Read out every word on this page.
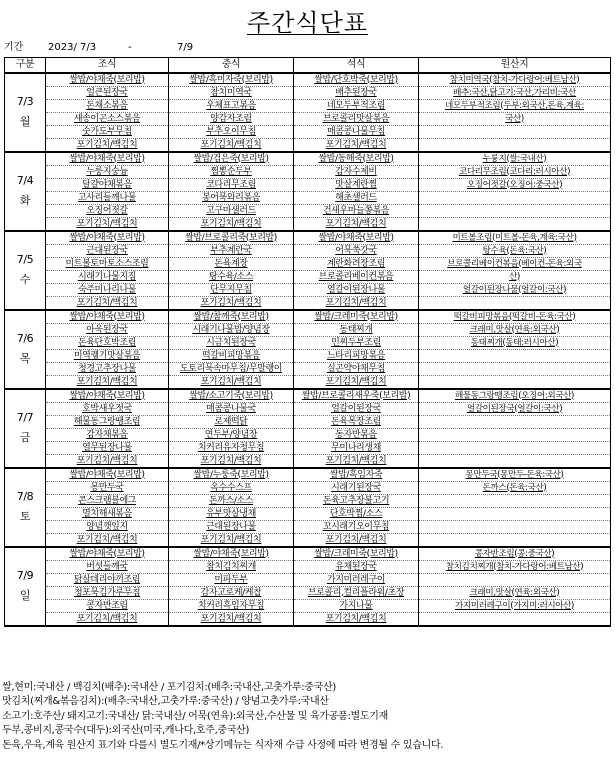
주간식단표
기간 2023/ 7/3	-	7/9
구분	조식	중식	석식	원산지

7/3
월	쌀밥/야채죽(보리밥)	쌀밥/흑미자죽(보리밥)	쌀밥/단호박죽(보리밥)	참치미역국(참치-가다랑어:베트남산)
	얼큰된장국	참치미역국	배추된장국	배추:국산,닭고기:국산,가리비:국산
	돈채소볶음	우체표고볶음	네모두부적조림	네모두부적조림(두부:외국산,돈육,계육:
	새송이곤소스볶음	양감자조림	브로콜리맛살볶음	국산)
	숫가도부무침	부추오이무침	매콤콩나물무침	
	포기김치/백김치	포기김치/백김치	포기김치/백김치	

7/4
화	쌀밥/야채죽(보리밥)	쌀밥/검은죽(보리밥)	쌀밥/동해죽(보리밥)	누룽지(쌀:국내산)
	누룽지숭늉	쩜뽕순두부	감자수제비	코다리무조림(코다리:러시아산)
	달걀야채볶음	코다리무조림	맛살계란찜	오징어젓갈(오징어:중국산)
	고사리들깨나물	봉어묵와리볶음	해초샐러드	
	오징어젓갈	고구마샐러드	건새우마늘쫑볶음	
	포기김치/백김치	포기김치/백김치	포기김치/백김치	

7/5
수	쌀밥/야채죽(보리밥)	쌀밥/브로콜리죽(보리밥)	쌀밥/야채죽(보리밥)	미트볼조림(미트볼-돈육,계육:국산)
	근대된장국	부추계란국	어묵쑥갓국	탕수육(돈육:국산)
	미트볼토마토소스조림	돈육계장	계란화려장조림	브로콜리베이컨볶음(베이컨-돈육:외국
	시래기나물지짐	탕수육/소스	브로콜리베이컨볶음	산)
	숙주미나리나물	단무지무침	열갈이된장나물	얼갈이된장나물(얼갈이:국산)
	포기김치/백김치	포기김치/백김치	포기김치/백김치	

7/6
목	쌀밥/야채죽(보리밥)	쌀밥/참깨죽(보리밥)	쌀밥/크레미죽(보리밥)	떡갈비피망볶음(떡갈비-돈육:국산)
	아욱된장국	시래기나물밥/양념장	동태찌개	크래미,맛살(연육:외국산)
	돈육단호박조림	시금치된장국	민찌두부조림	동태찌개(동태:러시아산)
	미역퀭기맛살볶음	떡갈비피망볶음	느타리피망볶음	
	청경고추장나물	도토리묵속마무침/무말랭이	실곤약야채무침	
	포기김치/백김치	포기김치/백김치	포기김치/백김치	

7/7
금	쌀밥/야채죽(보리밥)	쌀밥/소고기죽(보리밥)	쌀밥/브로콜리새우죽(보리밥)	해물동그랑땡조림(오징어:외국산)
	호박새우젓국	매콤콩나물국	얼갈이된장국	얼갈이된장국(얼갈이:국산)
	해물동그랑땡조림	로제떡닭	돈육목장조림	
	감자채볶음	연두부/양념장	동자반볶음	
	열무된장나물	치커리유자청무침	무미나리생채	
	포기김치/백김치	포기김치/백김치	포기김치/백김치	

7/8
토	쌀밥/야채죽(보리밥)	쌀밥/누룽죽(보리밥)	쌀밥/흑임자죽	몽만두국(몽만두-돈육:국산)
	몽만두국	옥수수스프	시래기된장국	돈까스(돈육:국산)
	콘스크램블에그	돈까스/소스	돈육고추장불고기	
	멸치해새볶음	유부맛살냉채	단호박찜/소스	
	양념깻잎지	근대된장나물	꼬시래기오이무침	
	포기김치/백김치	포기김치/백김치	포기김치/백김치	

7/9
일	쌀밥/야채죽(보리밥)	쌀밥/야채죽(보리밥)	쌀밥/크래미죽(보리밥)	콩자반조림(콩:중국산)
	버섯들깨국	참치김치찌개	유채된장국	참치김치찌개(참치-가다랑어:베트남산)
	닭살데리야끼조림	미파두부	가지미러레구이	
	청포묵김가루무침	감자고로케/케찹	브로콜리,컬리플라워/초장	크래미,맛살(연육:외국산)
	콩자반조림	치커리흑임자무침	가지나물	가지미러레구이(가지미:러시아산)
	포기김치/백김치	포기김치/백김치	포기김치/백김치	
쌀,현미:국내산 / 백김치(배추):국내산 / 포기김치:(배추:국내산,고춧가루:중국산)
맛김치(찌개&볶음김치):(배추:국내산,고춧가루:중국산) / 양념고춧가루:국내산
소고기:호주산/ 돼지고기:국내산/ 닭:국내산/ 어묵(연육):외국산,수산물 및 육가공품:별도기재
두부,콩비지,콩국수(대두):외국산(미국,캐나다,호주,중국산)
돈육,우육,계육 원산지 표기와 다를시 별도기재/*상기메뉴는 식자재 수급 사정에 따라 변경될 수 있습니다.
